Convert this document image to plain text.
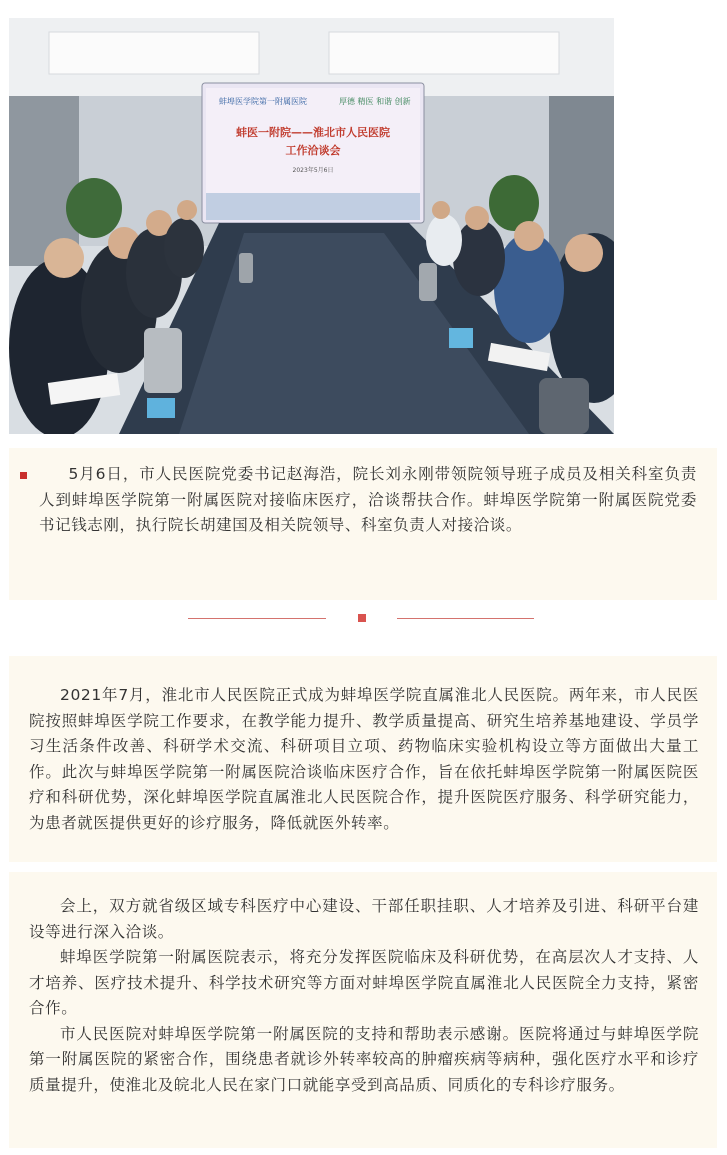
蚌埠医学院第一附属医院	厚德 精医 和谐 创新
蚌医一附院——淮北市人民医院
工作洽谈会
2023年5月6日

5月6日，市人民医院党委书记赵海浩，院长刘永刚带领院领导班子成员及相关科室负责人到蚌埠医学院第一附属医院对接临床医疗，洽谈帮扶合作。蚌埠医学院第一附属医院党委书记钱志刚，执行院长胡建国及相关院领导、科室负责人对接洽谈。

2021年7月，淮北市人民医院正式成为蚌埠医学院直属淮北人民医院。两年来，市人民医院按照蚌埠医学院工作要求，在教学能力提升、教学质量提高、研究生培养基地建设、学员学习生活条件改善、科研学术交流、科研项目立项、药物临床实验机构设立等方面做出大量工作。此次与蚌埠医学院第一附属医院洽谈临床医疗合作，旨在依托蚌埠医学院第一附属医院医疗和科研优势，深化蚌埠医学院直属淮北人民医院合作，提升医院医疗服务、科学研究能力，为患者就医提供更好的诊疗服务，降低就医外转率。

会上，双方就省级区域专科医疗中心建设、干部任职挂职、人才培养及引进、科研平台建设等进行深入洽谈。

蚌埠医学院第一附属医院表示，将充分发挥医院临床及科研优势，在高层次人才支持、人才培养、医疗技术提升、科学技术研究等方面对蚌埠医学院直属淮北人民医院全力支持，紧密合作。

市人民医院对蚌埠医学院第一附属医院的支持和帮助表示感谢。医院将通过与蚌埠医学院第一附属医院的紧密合作，围绕患者就诊外转率较高的肿瘤疾病等病种，强化医疗水平和诊疗质量提升，使淮北及皖北人民在家门口就能享受到高品质、同质化的专科诊疗服务。
